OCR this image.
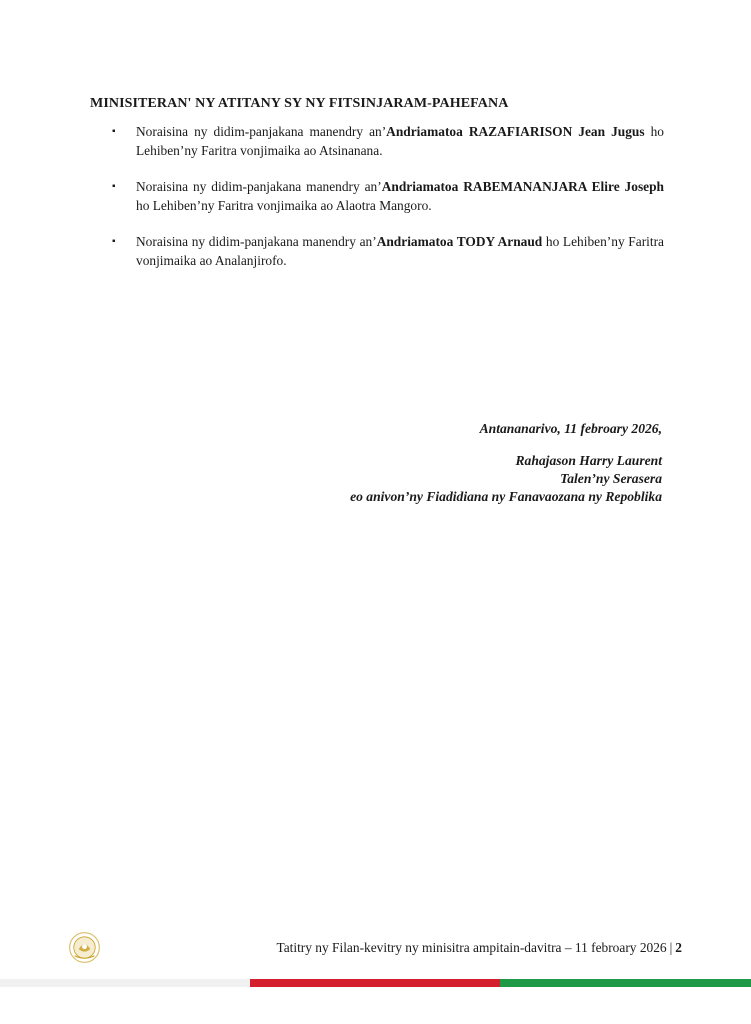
MINISITERAN' NY ATITANY SY NY FITSINJARAM-PAHEFANA
▪ Noraisina ny didim-panjakana manendry an’Andriamatoa RAZAFIARISON Jean Jugus ho Lehiben’ny Faritra vonjimaika ao Atsinanana.
▪ Noraisina ny didim-panjakana manendry an’Andriamatoa RABEMANANJARA Elire Joseph ho Lehiben’ny Faritra vonjimaika ao Alaotra Mangoro.
▪ Noraisina ny didim-panjakana manendry an’Andriamatoa TODY Arnaud ho Lehiben’ny Faritra vonjimaika ao Analanjirofo.
Antananarivo, 11 febroary 2026,
Rahajason Harry Laurent
Talen’ny Serasera
eo anivon’ny Fiadidiana ny Fanavaozana ny Repoblika
Tatitry ny Filan-kevitry ny minisitra ampitain-davitra – 11 febroary 2026 | 2
